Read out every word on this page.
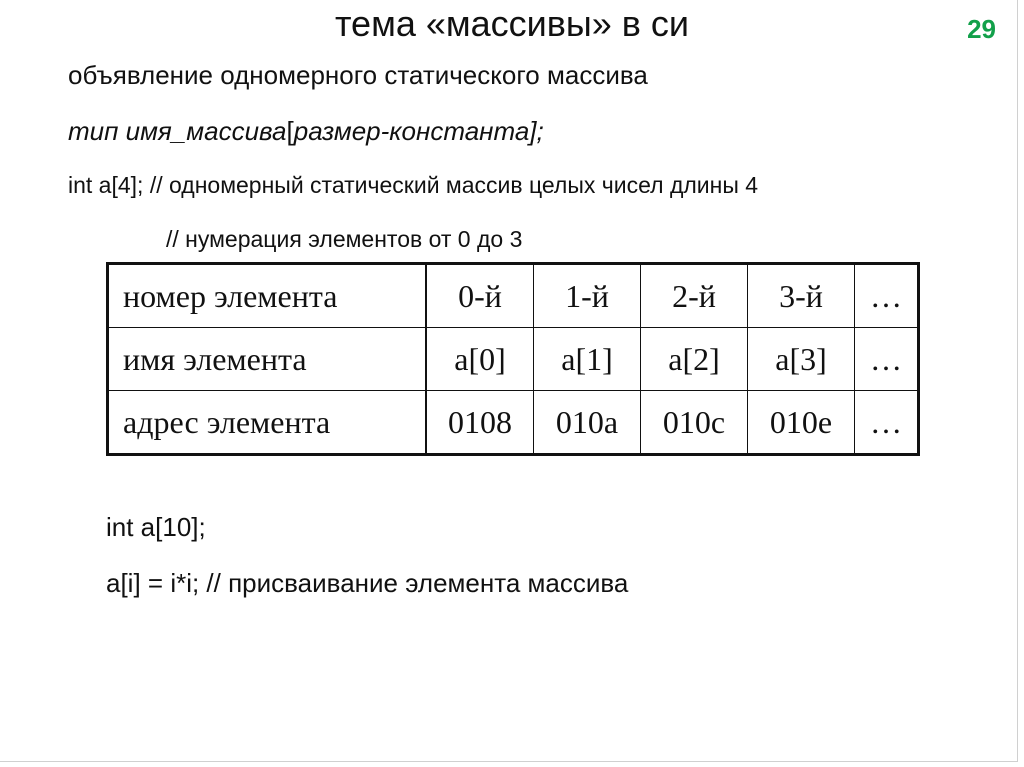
тема «массивы» в си	29
объявление одномерного статического массива
тип имя_массива[размер-константа];
int a[4]; // одномерный статический массив целых чисел длины 4
// нумерация элементов от 0 до 3
номер элемента	0-й	1-й	2-й	3-й	…
имя элемента	a[0]	a[1]	a[2]	a[3]	…
адрес элемента	0108	010a	010c	010e	…
int a[10];
a[i] = i*i; // присваивание элемента массива
